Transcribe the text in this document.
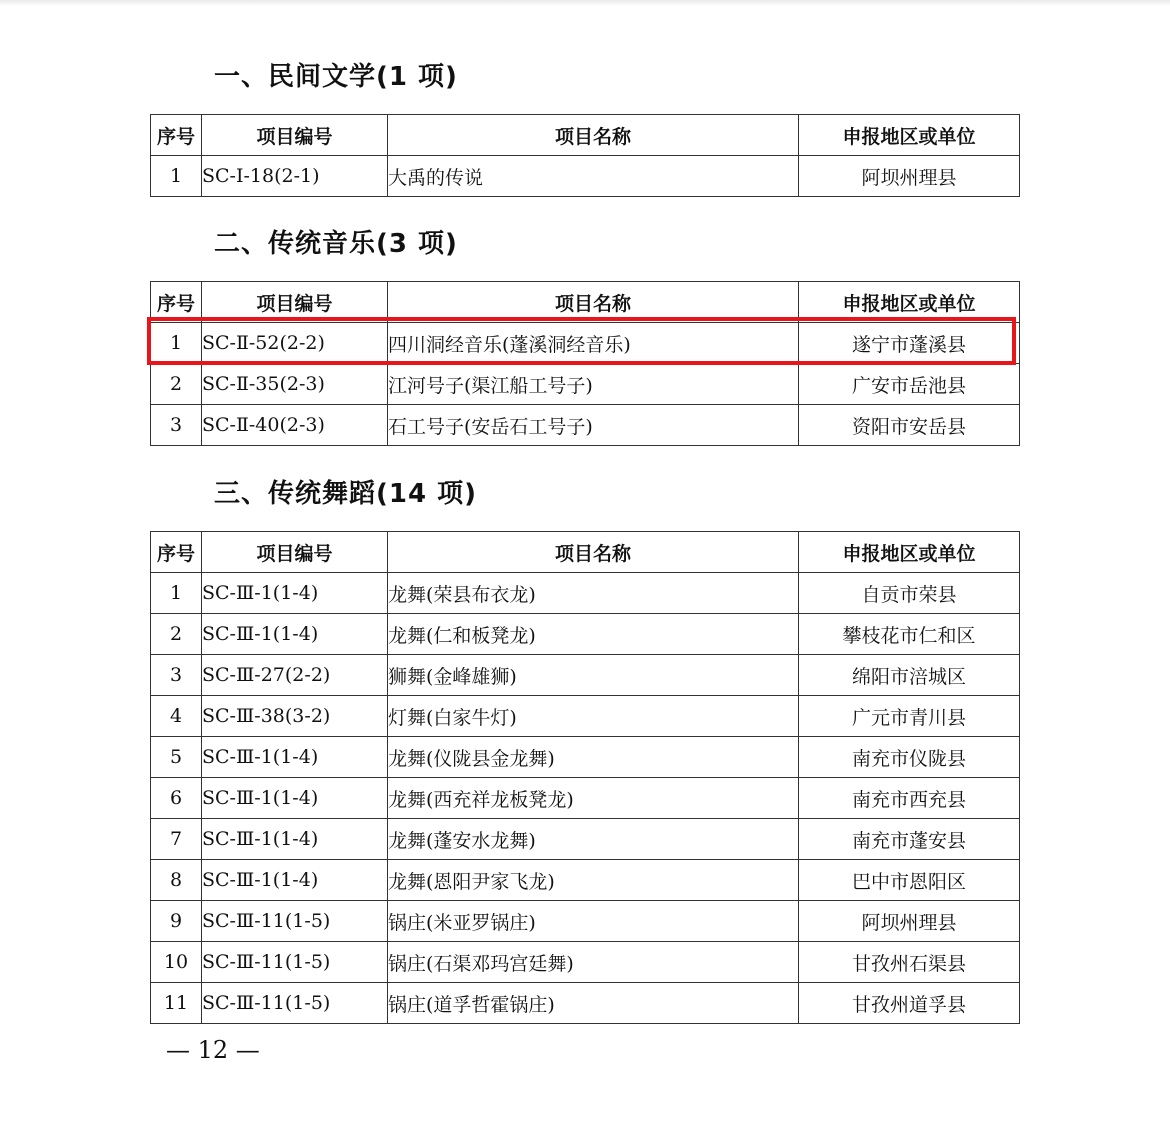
一、民间文学(1 项)
序号	项目编号	项目名称	申报地区或单位
1	SC-Ⅰ-18(2-1)	大禹的传说	阿坝州理县
二、传统音乐(3 项)
序号	项目编号	项目名称	申报地区或单位
1	SC-Ⅱ-52(2-2)	四川洞经音乐(蓬溪洞经音乐)	遂宁市蓬溪县
2	SC-Ⅱ-35(2-3)	江河号子(渠江船工号子)	广安市岳池县
3	SC-Ⅱ-40(2-3)	石工号子(安岳石工号子)	资阳市安岳县
三、传统舞蹈(14 项)
序号	项目编号	项目名称	申报地区或单位
1	SC-Ⅲ-1(1-4)	龙舞(荣县布衣龙)	自贡市荣县
2	SC-Ⅲ-1(1-4)	龙舞(仁和板凳龙)	攀枝花市仁和区
3	SC-Ⅲ-27(2-2)	狮舞(金峰雄狮)	绵阳市涪城区
4	SC-Ⅲ-38(3-2)	灯舞(白家牛灯)	广元市青川县
5	SC-Ⅲ-1(1-4)	龙舞(仪陇县金龙舞)	南充市仪陇县
6	SC-Ⅲ-1(1-4)	龙舞(西充祥龙板凳龙)	南充市西充县
7	SC-Ⅲ-1(1-4)	龙舞(蓬安水龙舞)	南充市蓬安县
8	SC-Ⅲ-1(1-4)	龙舞(恩阳尹家飞龙)	巴中市恩阳区
9	SC-Ⅲ-11(1-5)	锅庄(米亚罗锅庄)	阿坝州理县
10	SC-Ⅲ-11(1-5)	锅庄(石渠邓玛宫廷舞)	甘孜州石渠县
11	SC-Ⅲ-11(1-5)	锅庄(道孚哲霍锅庄)	甘孜州道孚县
— 12 —
